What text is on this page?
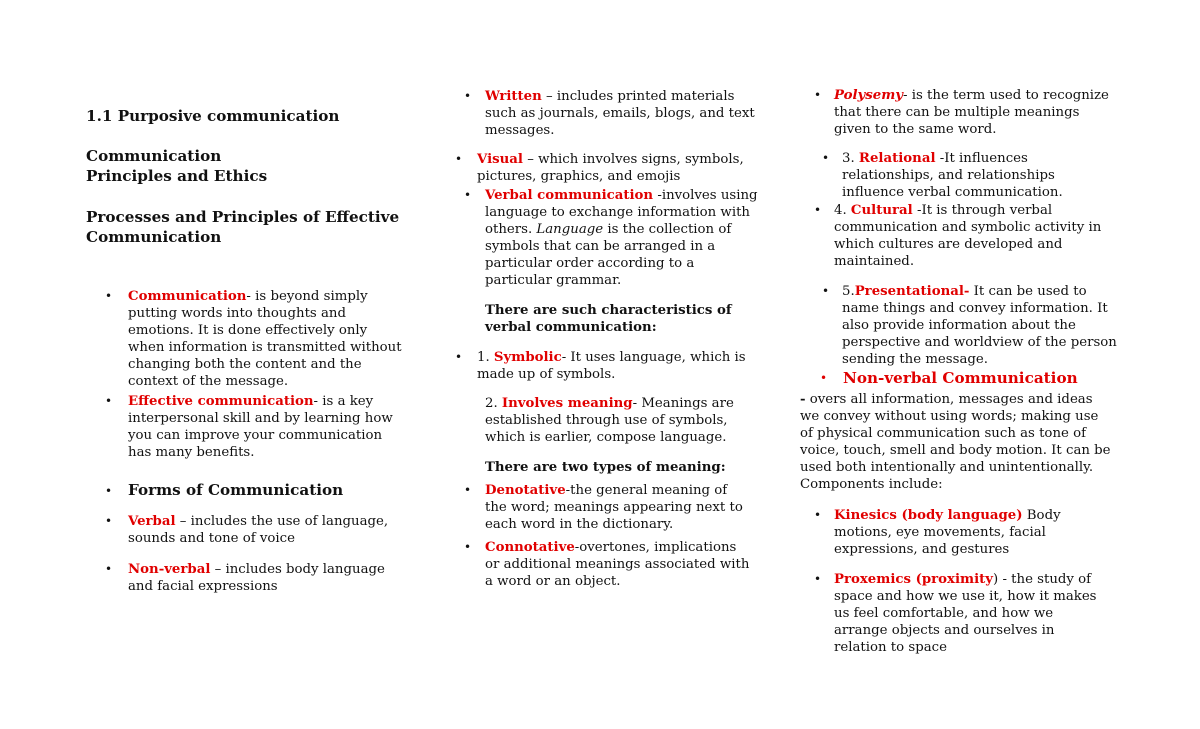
1.1 Purposive communication
Communication
Principles and Ethics
Processes and Principles of Effective
Communication
• Communication- is beyond simply putting words into thoughts and emotions. It is done effectively only when information is transmitted without changing both the content and the context of the message.
• Effective communication- is a key interpersonal skill and by learning how you can improve your communication has many benefits.
• Forms of Communication
• Verbal – includes the use of language, sounds and tone of voice
• Non-verbal – includes body language and facial expressions
• Written – includes printed materials such as journals, emails, blogs, and text messages.
• Visual – which involves signs, symbols, pictures, graphics, and emojis
• Verbal communication -involves using language to exchange information with others. Language is the collection of symbols that can be arranged in a particular order according to a particular grammar.
There are such characteristics of verbal communication:
• 1. Symbolic- It uses language, which is made up of symbols.
2. Involves meaning- Meanings are established through use of symbols, which is earlier, compose language.
There are two types of meaning:
• Denotative-the general meaning of the word; meanings appearing next to each word in the dictionary.
• Connotative-overtones, implications or additional meanings associated with a word or an object.
• Polysemy- is the term used to recognize that there can be multiple meanings given to the same word.
• 3. Relational -It influences relationships, and relationships influence verbal communication.
• 4. Cultural -It is through verbal communication and symbolic activity in which cultures are developed and maintained.
• 5.Presentational- It can be used to name things and convey information. It also provide information about the perspective and worldview of the person sending the message.
• Non-verbal Communication
- overs all information, messages and ideas we convey without using words; making use of physical communication such as tone of voice, touch, smell and body motion. It can be used both intentionally and unintentionally. Components include:
• Kinesics (body language) Body motions, eye movements, facial expressions, and gestures
• Proxemics (proximity) - the study of space and how we use it, how it makes us feel comfortable, and how we arrange objects and ourselves in relation to space
